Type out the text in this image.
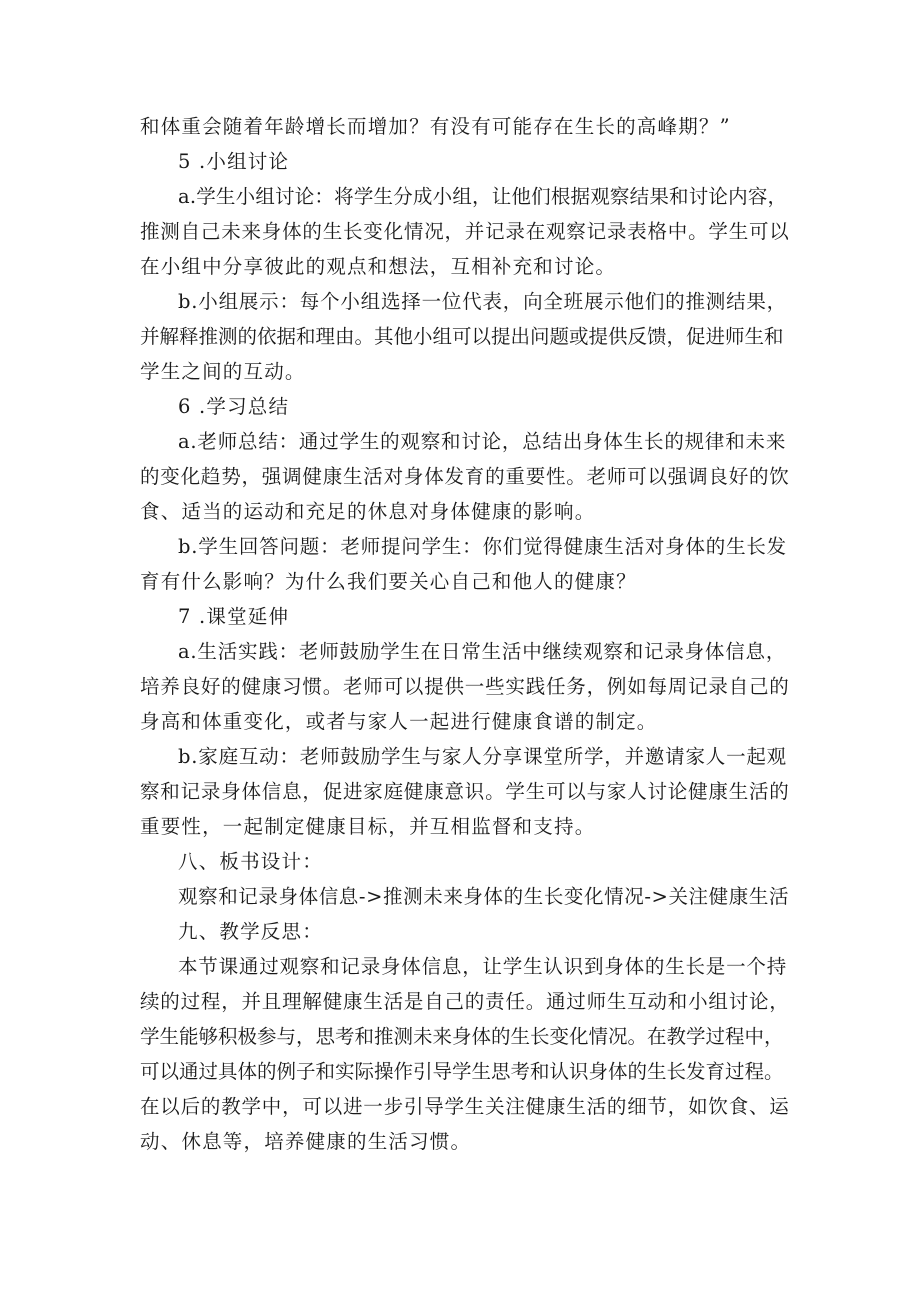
和体重会随着年龄增长而增加？有没有可能存在生长的高峰期？”
5 .小组讨论
a.学生小组讨论：将学生分成小组，让他们根据观察结果和讨论内容，
推测自己未来身体的生长变化情况，并记录在观察记录表格中。学生可以
在小组中分享彼此的观点和想法，互相补充和讨论。
b.小组展示：每个小组选择一位代表，向全班展示他们的推测结果，
并解释推测的依据和理由。其他小组可以提出问题或提供反馈，促进师生和
学生之间的互动。
6 .学习总结
a.老师总结：通过学生的观察和讨论，总结出身体生长的规律和未来
的变化趋势，强调健康生活对身体发育的重要性。老师可以强调良好的饮
食、适当的运动和充足的休息对身体健康的影响。
b.学生回答问题：老师提问学生：你们觉得健康生活对身体的生长发
育有什么影响？为什么我们要关心自己和他人的健康？
7 .课堂延伸
a.生活实践：老师鼓励学生在日常生活中继续观察和记录身体信息，
培养良好的健康习惯。老师可以提供一些实践任务，例如每周记录自己的
身高和体重变化，或者与家人一起进行健康食谱的制定。
b.家庭互动：老师鼓励学生与家人分享课堂所学，并邀请家人一起观
察和记录身体信息，促进家庭健康意识。学生可以与家人讨论健康生活的
重要性，一起制定健康目标，并互相监督和支持。
八、板书设计：
观察和记录身体信息->推测未来身体的生长变化情况->关注健康生活
九、教学反思：
本节课通过观察和记录身体信息，让学生认识到身体的生长是一个持
续的过程，并且理解健康生活是自己的责任。通过师生互动和小组讨论，
学生能够积极参与，思考和推测未来身体的生长变化情况。在教学过程中，
可以通过具体的例子和实际操作引导学生思考和认识身体的生长发育过程。
在以后的教学中，可以进一步引导学生关注健康生活的细节，如饮食、运
动、休息等，培养健康的生活习惯。
